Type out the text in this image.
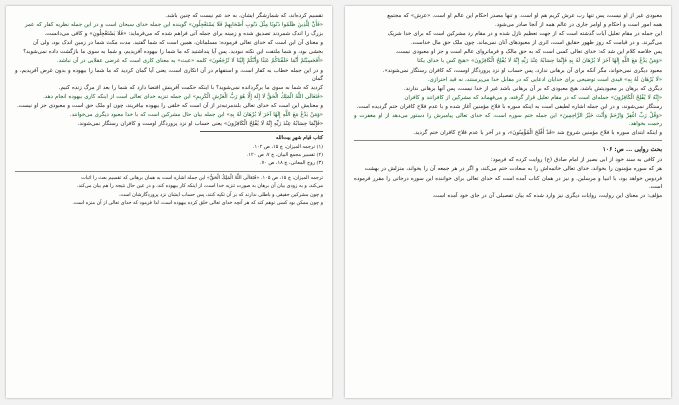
تقسیم کرده‌اند، که شمارشگر ایشان، به حد عم نیست که چنین باشد.

«فَأَنَّ لِلَّذِینَ ظَلَمُوا ذَنُوبًا مِثْلَ ذَنُوبِ أَصْحَابِهِمْ فَلَا یَسْتَعْجِلُونِ» گوینده این جمله خدای سبحان است و در این جمله نظریه کفار که عمر

بزرگ را اندک شمردند تصدیق شده و زمینه برای جمله آتی فراهم شده که می‌فرماید: «فَلَا یَسْتَعْجِلُونِ» و کافی می‌دانست.

و معنای آن این است که خدای تعالی فرموده: مسلمانان، همین است که شما گفتید. مدت مکث شما در زمین اندک بود، ولی آن

بخشی بود، و شما ملتفت این نکته نبودید. پس آیا پنداشتید که ما شما را بیهوده آفریدیم، و شما به سوی ما بازگشت داده نمی‌شوید؟

«أَفَحَسِبْتُمْ أَنَّمَا خَلَقْنَاكُمْ عَبَثًا وَأَنَّكُمْ إِلَيْنَا لَا تُرْجَعُونَ» کلمه «عبث» به معنای کاری است که غرضی عقلایی در آن نباشد.

و در این جمله خطاب به کفار است، و استفهام در آن انکاری است، یعنی آیا گمان کردید که ما شما را بیهوده و بدون غرض آفریدیم، و گمان

کردید که شما به سوی ما برگردانده نمی‌شوید؟ با اینکه حکمت آفرینش اقتضا دارد که شما را بعد از مرگ زنده کنیم.

«فَتَعَالَى اللَّهُ الْمَلِكُ الْحَقُّ لَا إِلَهَ إِلَّا هُوَ رَبُّ الْعَرْشِ الْكَرِيمِ» این جمله تنزیه خدای تعالی است از اینکه کاری بیهوده انجام دهد.

و معنایش این است که خدای تعالی بلندمرتبه‌تر از آن است که خلقی را بیهوده بیافریند، چون او ملک حق است و معبودی جز او نیست.

«وَمَنْ يَدْعُ مَعَ اللَّهِ إِلَهًا آخَرَ لَا بُرْهَانَ لَهُ بِهِ» این جمله بیان حال مشرکین است که با خدا معبود دیگری می‌خوانند.

«فَإِنَّمَا حِسَابُهُ عِنْدَ رَبِّهِ إِنَّهُ لَا يُفْلِحُ الْكَافِرُونَ» یعنی حساب او نزد پروردگار اوست و کافران رستگار نمی‌شوند.

کتاب قیام شهرِ بیت‌الله

(۱) ترجمه المیزان، ج ۱۵، ص ۱۰۲.

(۲) تفسیر مجمع البیان، ج ۷، ص ۱۲۰.

(۳) روح المعانی، ج ۱۸، ص ۷۰.

ترجمه المیزان، ج ۱۵، ص ۱۰۵. «فَتَعَالَى اللَّهُ الْمَلِكُ الْحَقُّ» این جمله اشاره است به همان برهانی که تقسیم بعث را اثبات

می‌کند، و به زودی بیان آن برهان به صورت تنزیه خدا است، از اینکه کار بیهوده کند، و در عین حال نتیجه را هم بیان می‌کند.

و چون مشرکین حقیقی و باطلی ندارند که بر آن تکیه کنند، پس حساب ایشان نزد پروردگارشان است.

و چون ممکن بود کسی توهم کند که هر آنچه خدای تعالی خلق کرده بیهوده است، لذا فرمود که خدای تعالی از آن منزه است.

معبودی غیر از او نیست، پس تنها رب عرش کریم هم او است. و تنها مصدر احکام این عالم او است. «عرش» که مجتمع

همه امور است و احکام و اوامر جاری در عالم همه از آنجا صادر می‌شود.

این جمله در مقام تعلیل آیات گذشته است که از جهت تعظیم نازل شده و در مقام رد مشرکین است که برای خدا شریک

می‌گیرند. و در قیامت که روز ظهور حقایق است، اثری از معبودهای آنان نمی‌ماند. چون ملک حق مال خداست.

پس خلاصه کلام این شد که: خدای تعالی کسی است که به حق مالک و فرمانروای عالم است و جز او معبودی نیست.

«وَمَنْ يَدْعُ مَعَ اللَّهِ إِلَهًا آخَرَ لَا بُرْهَانَ لَهُ بِهِ فَإِنَّمَا حِسَابُهُ عِنْدَ رَبِّهِ إِنَّهُ لَا يُفْلِحُ الْكَافِرُونَ» «هیچ کس با خدای یکتا

معبود دیگری نمی‌خواند، مگر آنکه برای آن برهانی ندارد، پس حساب او نزد پروردگار اوست، که کافران رستگار نمی‌شوند».

«لَا بُرْهَانَ لَهُ بِهِ» قیدی است توضیحی برای خدایان ادعایی که در مقابل خدا می‌پرستند، نه قید احترازی.

دیگری که برهان بر معبودیتش باشد، هیچ معبودی که بر آن برهانی باشد غیر از خدا نیست، پس آنها برهانی ندارند.

«إِنَّهُ لَا يُفْلِحُ الْكَافِرُونَ» جمله‌ای است که در مقام تعلیل قرار گرفته، و می‌فهماند که مشرکین از کافرانند و کافران

رستگار نمی‌شوند، و در این جمله اشاره لطیفی است به اینکه سوره با فلاح مؤمنین آغاز شده و با عدم فلاح کافران ختم گردیده است.

«وَقُلْ رَبِّ اغْفِرْ وَارْحَمْ وَأَنْتَ خَيْرُ الرَّاحِمِينَ» این جمله ختم سوره است، که خدای تعالی پیامبرش را دستور می‌دهد از او مغفرت و رحمت بخواهد.

و اینکه ابتدای سوره با فلاح مؤمنین شروع شد «قَدْ أَفْلَحَ الْمُؤْمِنُونَ»، و در آخر با عدم فلاح کافران ختم گردید.

بحث روایی ... ص: ۱۰۶

در کافی به سند خود از ابی بصیر از امام صادق (ع) روایت کرده که فرمود:

هر که سوره مؤمنون را بخواند، خدای تعالی خاتمه‌اش را به سعادت ختم می‌کند، و اگر در هر جمعه آن را بخواند، منزلش در بهشت

فردوس خواهد بود، با انبیا و مرسلین. و نیز در همان کتاب آمده است که خدای تعالی برای خواننده این سوره درجاتی را مقرر فرموده است.

مؤلف: در معنای این روایت، روایات دیگری نیز وارد شده که بیان تفصیلی آن در جای خود آمده است.
